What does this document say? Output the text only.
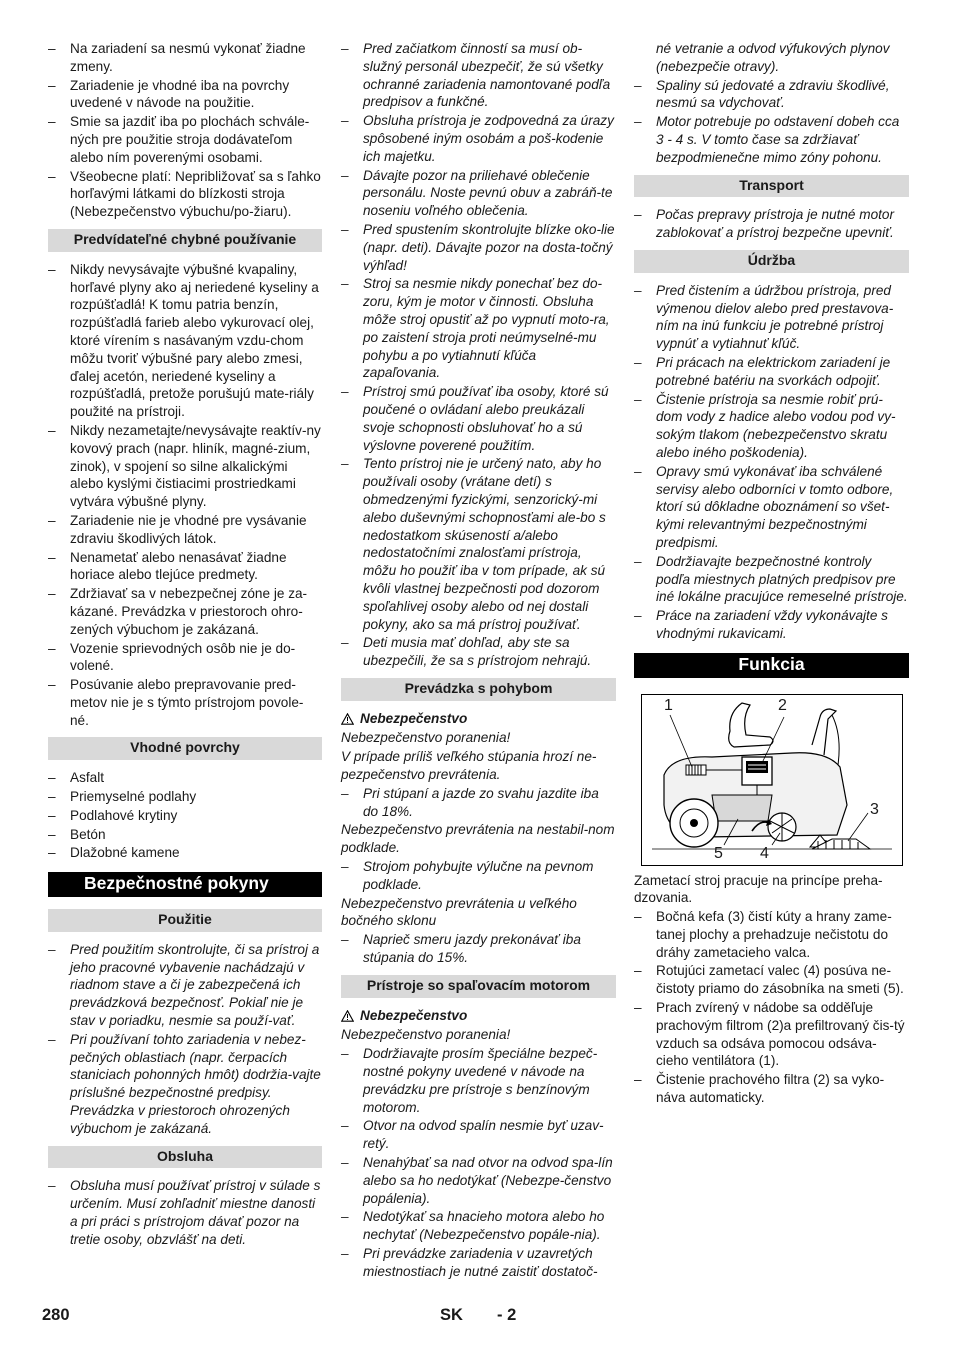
– Na zariadení sa nesmú vykonať žiadne zmeny.
– Zariadenie je vhodné iba na povrchy uvedené v návode na použitie.
– Smie sa jazdiť iba po plochách schvále-ných pre použitie stroja dodávateľom alebo ním poverenými osobami.
– Všeobecne platí: Nepribližovať sa s ľahko horľavými látkami do blízkosti stroja (Nebezpečenstvo výbuchu/po-žiaru).
Predvídateľné chybné používanie
– Nikdy nevysávajte výbušné kvapaliny, horľavé plyny ako aj neriedené kyseliny a rozpúšťadlá! K tomu patria benzín, rozpúšťadlá farieb alebo vykurovací olej, ktoré vírením s nasávaným vzdu-chom môžu tvoriť výbušné pary alebo zmesi, ďalej acetón, neriedené kyseliny a rozpúšťadlá, pretože porušujú mate-riály použité na prístroji.
– Nikdy nezametajte/nevysávajte reaktív-ny kovový prach (napr. hliník, magné-zium, zinok), v spojení so silne alkalickými alebo kyslými čistiacimi prostriedkami vytvára výbušné plyny.
– Zariadenie nie je vhodné pre vysávanie zdraviu škodlivých látok.
– Nenametať alebo nenasávať žiadne horiace alebo tlejúce predmety.
– Zdržiavať sa v nebezpečnej zóne je za-kázané. Prevádzka v priestoroch ohro-zených výbuchom je zakázaná.
– Vozenie sprievodných osôb nie je do-volené.
– Posúvanie alebo prepravovanie pred-metov nie je s týmto prístrojom povole-né.
Vhodné povrchy
– Asfalt
– Priemyselné podlahy
– Podlahové krytiny
– Betón
– Dlažobné kamene
Bezpečnostné pokyny
Použitie
– Pred použitím skontrolujte, či sa prístroj a jeho pracovné vybavenie nachádzajú v riadnom stave a či je zabezpečená ich prevádzková bezpečnosť. Pokiaľ nie je stav v poriadku, nesmie sa použí-vať.
– Pri používaní tohto zariadenia v nebez-pečných oblastiach (napr. čerpacích staniciach pohonných hmôt) dodržia-vajte príslušné bezpečnostné predpisy. Prevádzka v priestoroch ohrozených výbuchom je zakázaná.
Obsluha
– Obsluha musí používať prístroj v súlade s určením. Musí zohľadniť miestne danosti a pri práci s prístrojom dávať pozor na tretie osoby, obzvlášť na deti.
– Pred začiatkom činností sa musí ob-služný personál ubezpečiť, že sú všetky ochranné zariadenia namontované podľa predpisov a funkčné.
– Obsluha prístroja je zodpovedná za úrazy spôsobené iným osobám a poš-kodenie ich majetku.
– Dávajte pozor na priliehavé oblečenie personálu. Noste pevnú obuv a zabráň-te noseniu voľného oblečenia.
– Pred spustením skontrolujte blízke oko-lie (napr. deti). Dávajte pozor na dosta-točný výhľad!
– Stroj sa nesmie nikdy ponechať bez do-zoru, kým je motor v činnosti. Obsluha môže stroj opustiť až po vypnutí moto-ra, po zaistení stroja proti neúmyselné-mu pohybu a po vytiahnutí kľúča zapaľovania.
– Prístroj smú používať iba osoby, ktoré sú poučené o ovládaní alebo preukázali svoje schopnosti obsluhovať ho a sú výslovne poverené použitím.
– Tento prístroj nie je určený nato, aby ho používali osoby (vrátane detí) s obmedzenými fyzickými, senzorický-mi alebo duševnými schopnosťami ale-bo s nedostatkom skúseností a/alebo nedostatočními znalosťami prístroja, môžu ho použiť iba v tom prípade, ak sú kvôli vlastnej bezpečnosti pod dozorom spoľahlivej osoby alebo od nej dostali pokyny, ako sa má prístroj používať.
– Deti musia mať dohľad, aby ste sa ubezpečili, že sa s prístrojom nehrajú.
Prevádzka s pohybom
Nebezpečenstvo
Nebezpečenstvo poranenia!
V prípade príliš veľkého stúpania hrozí ne-pezpečenstvo prevrátenia.
– Pri stúpaní a jazde zo svahu jazdite iba do 18%.
Nebezpečenstvo prevrátenia na nestabil-nom podklade.
– Strojom pohybujte výlučne na pevnom podklade.
Nebezpečenstvo prevrátenia u veľkého bočného sklonu
– Naprieč smeru jazdy prekonávať iba stúpania do 15%.
Prístroje so spaľovacím motorom
Nebezpečenstvo
Nebezpečenstvo poranenia!
– Dodržiavajte prosím špeciálne bezpeč-nostné pokyny uvedené v návode na prevádzku pre prístroje s benzínovým motorom.
– Otvor na odvod spalín nesmie byť uzav-retý.
– Nenahýbať sa nad otvor na odvod spa-lín alebo sa ho nedotýkať (Nebezpe-čenstvo popálenia).
– Nedotýkať sa hnacieho motora alebo ho nechytať (Nebezpečenstvo popále-nia).
– Pri prevádzke zariadenia v uzavretých miestnostiach je nutné zaistiť dostatoč-
né vetranie a odvod výfukových plynov (nebezpečie otravy).
– Spaliny sú jedovaté a zdraviu škodlivé, nesmú sa vdychovať.
– Motor potrebuje po odstavení dobeh cca 3 - 4 s. V tomto čase sa zdržiavať bezpodmienečne mimo zóny pohonu.
Transport
– Počas prepravy prístroja je nutné motor zablokovať a prístroj bezpečne upevniť.
Údržba
– Pred čistením a údržbou prístroja, pred výmenou dielov alebo pred prestavova-ním na inú funkciu je potrebné prístroj vypnúť a vytiahnuť kľúč.
– Pri prácach na elektrickom zariadení je potrebné batériu na svorkách odpojiť.
– Čistenie prístroja sa nesmie robiť prú-dom vody z hadice alebo vodou pod vy-sokým tlakom (nebezpečenstvo skratu alebo iného poškodenia).
– Opravy smú vykonávať iba schválené servisy alebo odborníci v tomto odbore, ktorí sú dôkladne oboznámení so všet-kými relevantnými bezpečnostnými predpismi.
– Dodržiavajte bezpečnostné kontroly podľa miestnych platných predpisov pre iné lokálne pracujúce remeselné prístroje.
– Práce na zariadení vždy vykonávajte s vhodnými rukavicami.
Funkcia
1	2
3
4
5
Zametací stroj pracuje na princípe preha-dzovania.
– Bočná kefa (3) čistí kúty a hrany zame-tanej plochy a prehadzuje nečistotu do dráhy zametacieho valca.
– Rotujúci zametací valec (4) posúva ne-čistoty priamo do zásobníka na smeti (5).
– Prach zvírený v nádobe sa odděľuje prachovým filtrom (2)a prefiltrovaný čis-tý vzduch sa odsáva pomocou odsáva-cieho ventilátora (1).
– Čistenie prachového filtra (2) sa vyko-náva automaticky.
280	SK - 2
